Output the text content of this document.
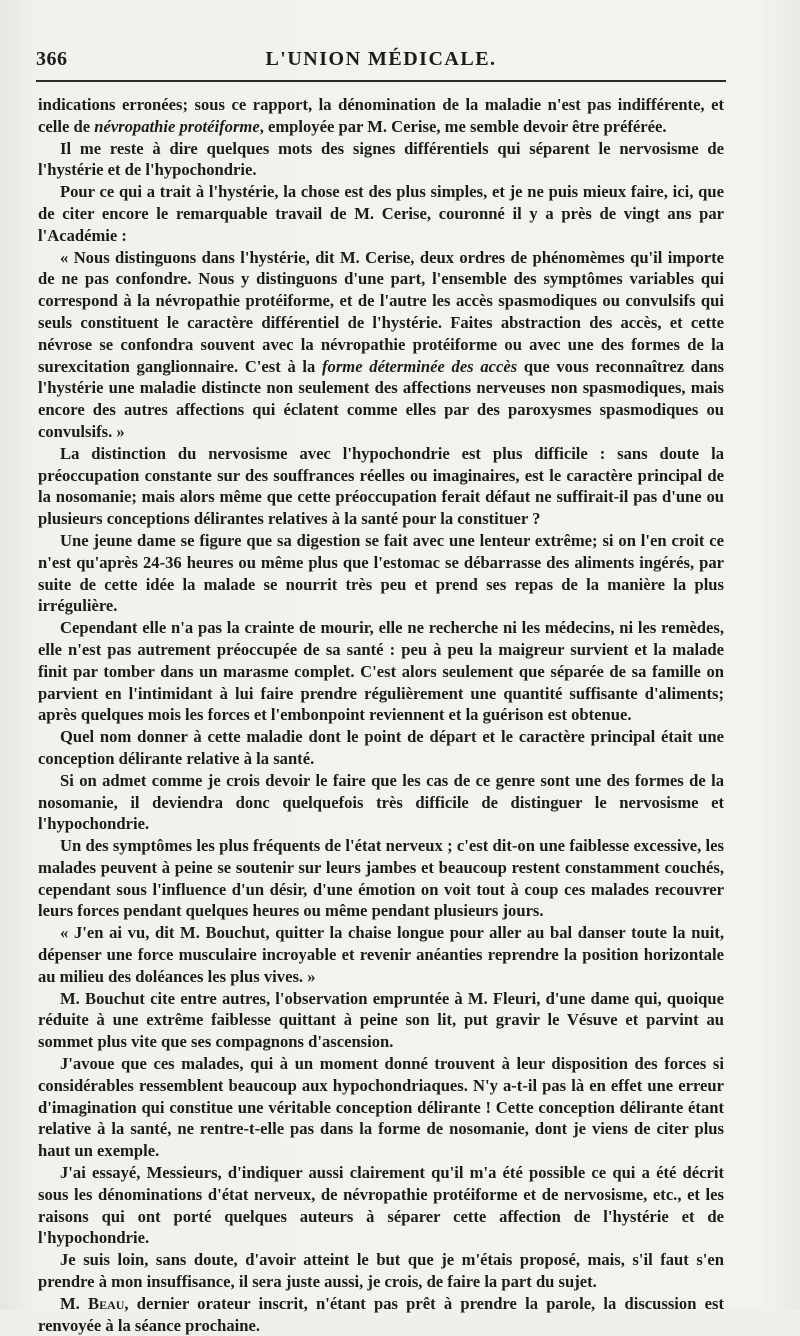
366	L'UNION MÉDICALE.

indications erronées; sous ce rapport, la dénomination de la maladie n'est pas indifférente, et celle de névropathie protéiforme, employée par M. Cerise, me semble devoir être préférée.

Il me reste à dire quelques mots des signes différentiels qui séparent le nervosisme de l'hystérie et de l'hypochondrie.

Pour ce qui a trait à l'hystérie, la chose est des plus simples, et je ne puis mieux faire, ici, que de citer encore le remarquable travail de M. Cerise, couronné il y a près de vingt ans par l'Académie :

« Nous distinguons dans l'hystérie, dit M. Cerise, deux ordres de phénomèmes qu'il importe de ne pas confondre. Nous y distinguons d'une part, l'ensemble des symptômes variables qui correspond à la névropathie protéiforme, et de l'autre les accès spasmodiques ou convulsifs qui seuls constituent le caractère différentiel de l'hystérie. Faites abstraction des accès, et cette névrose se confondra souvent avec la névropathie protéiforme ou avec une des formes de la surexcitation ganglionnaire. C'est à la forme déterminée des accès que vous reconnaîtrez dans l'hystérie une maladie distincte non seulement des affections nerveuses non spasmodiques, mais encore des autres affections qui éclatent comme elles par des paroxysmes spasmodiques ou convulsifs. »

La distinction du nervosisme avec l'hypochondrie est plus difficile : sans doute la préoccupation constante sur des souffrances réelles ou imaginaires, est le caractère principal de la nosomanie; mais alors même que cette préoccupation ferait défaut ne suffirait-il pas d'une ou plusieurs conceptions délirantes relatives à la santé pour la constituer ?

Une jeune dame se figure que sa digestion se fait avec une lenteur extrême; si on l'en croit ce n'est qu'après 24-36 heures ou même plus que l'estomac se débarrasse des aliments ingérés, par suite de cette idée la malade se nourrit très peu et prend ses repas de la manière la plus irrégulière.

Cependant elle n'a pas la crainte de mourir, elle ne recherche ni les médecins, ni les remèdes, elle n'est pas autrement préoccupée de sa santé : peu à peu la maigreur survient et la malade finit par tomber dans un marasme complet. C'est alors seulement que séparée de sa famille on parvient en l'intimidant à lui faire prendre régulièrement une quantité suffisante d'aliments; après quelques mois les forces et l'embonpoint reviennent et la guérison est obtenue.

Quel nom donner à cette maladie dont le point de départ et le caractère principal était une conception délirante relative à la santé.

Si on admet comme je crois devoir le faire que les cas de ce genre sont une des formes de la nosomanie, il deviendra donc quelquefois très difficile de distinguer le nervosisme et l'hypochondrie.

Un des symptômes les plus fréquents de l'état nerveux ; c'est dit-on une faiblesse excessive, les malades peuvent à peine se soutenir sur leurs jambes et beaucoup restent constamment couchés, cependant sous l'influence d'un désir, d'une émotion on voit tout à coup ces malades recouvrer leurs forces pendant quelques heures ou même pendant plusieurs jours.

« J'en ai vu, dit M. Bouchut, quitter la chaise longue pour aller au bal danser toute la nuit, dépenser une force musculaire incroyable et revenir anéanties reprendre la position horizontale au milieu des doléances les plus vives. »

M. Bouchut cite entre autres, l'observation empruntée à M. Fleuri, d'une dame qui, quoique réduite à une extrême faiblesse quittant à peine son lit, put gravir le Vésuve et parvint au sommet plus vite que ses compagnons d'ascension.

J'avoue que ces malades, qui à un moment donné trouvent à leur disposition des forces si considérables ressemblent beaucoup aux hypochondriaques. N'y a-t-il pas là en effet une erreur d'imagination qui constitue une véritable conception délirante ! Cette conception délirante étant relative à la santé, ne rentre-t-elle pas dans la forme de nosomanie, dont je viens de citer plus haut un exemple.

J'ai essayé, Messieurs, d'indiquer aussi clairement qu'il m'a été possible ce qui a été décrit sous les dénominations d'état nerveux, de névropathie protéiforme et de nervosisme, etc., et les raisons qui ont porté quelques auteurs à séparer cette affection de l'hystérie et de l'hypochondrie.

Je suis loin, sans doute, d'avoir atteint le but que je m'étais proposé, mais, s'il faut s'en prendre à mon insuffisance, il sera juste aussi, je crois, de faire la part du sujet.

M. Beau, dernier orateur inscrit, n'étant pas prêt à prendre la parole, la discussion est renvoyée à la séance prochaine.
